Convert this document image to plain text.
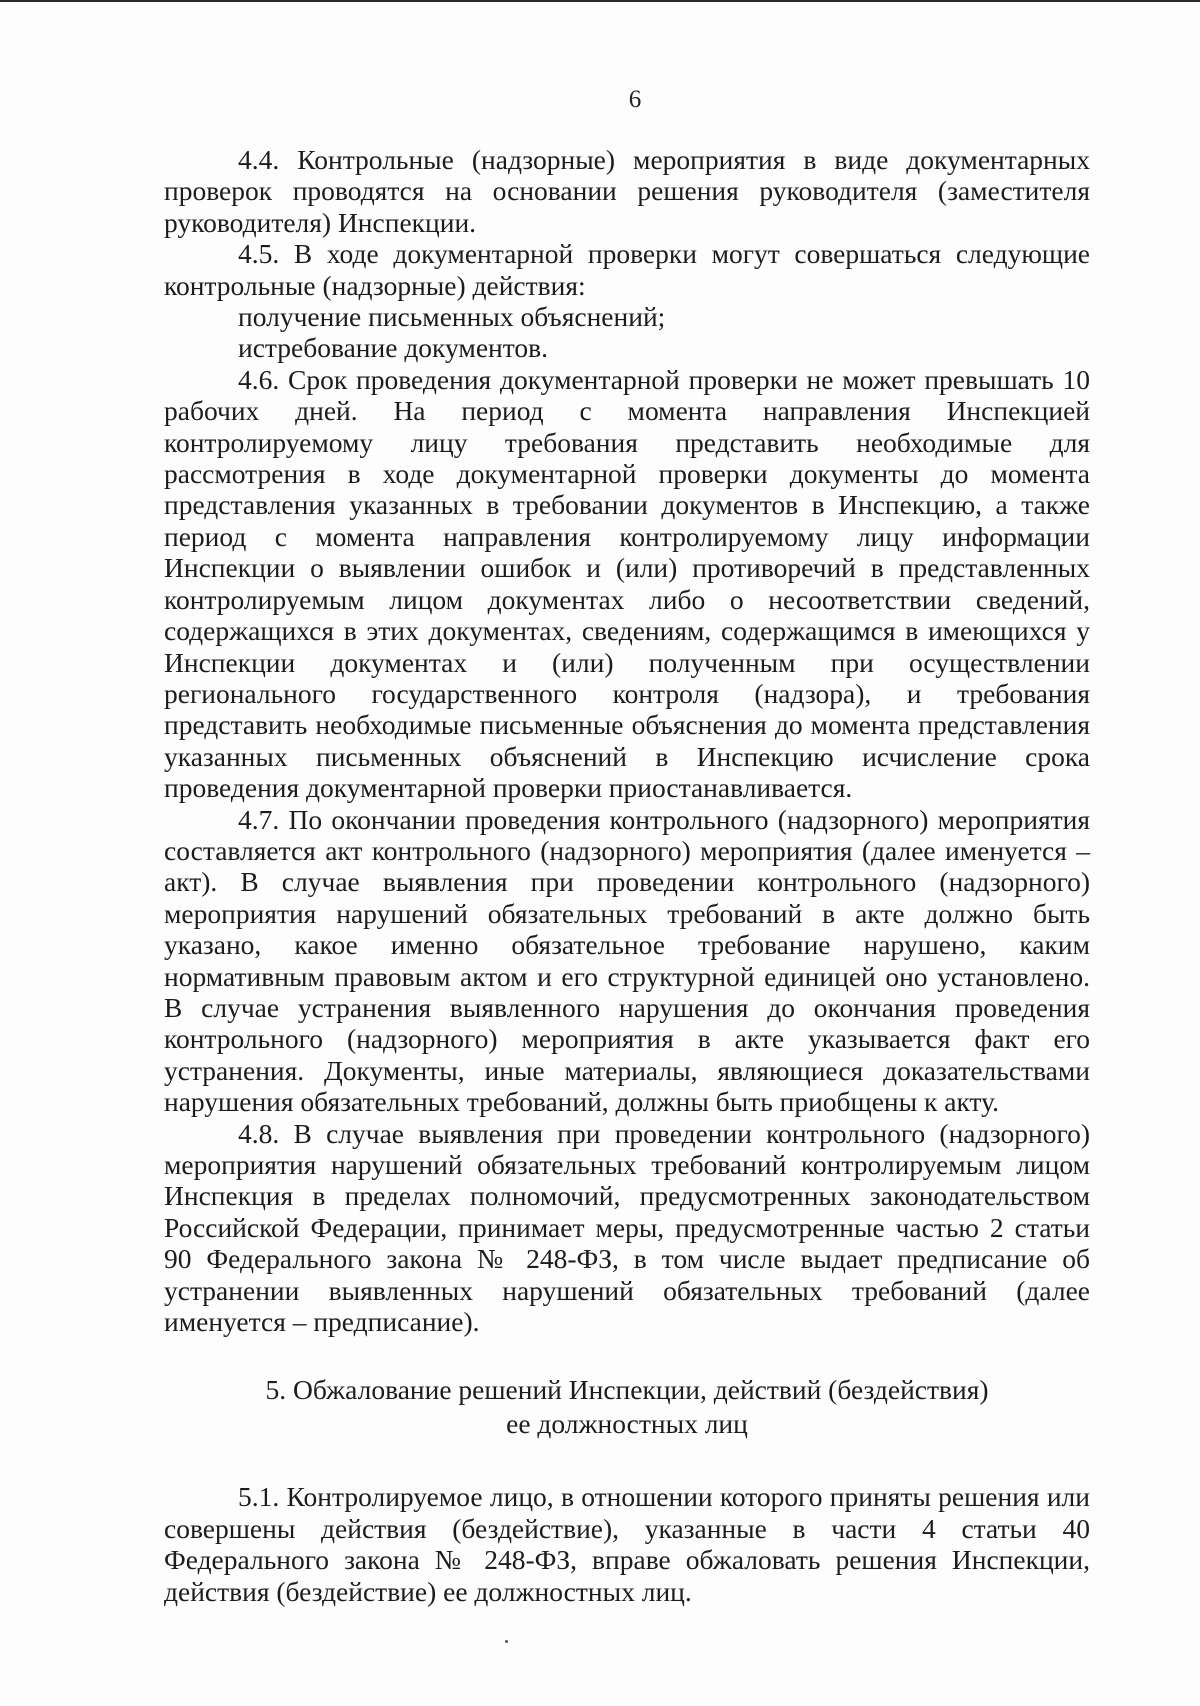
6

4.4. Контрольные (надзорные) мероприятия в виде документарных проверок проводятся на основании решения руководителя (заместителя руководителя) Инспекции.

4.5. В ходе документарной проверки могут совершаться следующие контрольные (надзорные) действия:

получение письменных объяснений;

истребование документов.

4.6. Срок проведения документарной проверки не может превышать 10 рабочих дней. На период с момента направления Инспекцией контролируемому лицу требования представить необходимые для рассмотрения в ходе документарной проверки документы до момента представления указанных в требовании документов в Инспекцию, а также период с момента направления контролируемому лицу информации Инспекции о выявлении ошибок и (или) противоречий в представленных контролируемым лицом документах либо о несоответствии сведений, содержащихся в этих документах, сведениям, содержащимся в имеющихся у Инспекции документах и (или) полученным при осуществлении регионального государственного контроля (надзора), и требования представить необходимые письменные объяснения до момента представления указанных письменных объяснений в Инспекцию исчисление срока проведения документарной проверки приостанавливается.

4.7. По окончании проведения контрольного (надзорного) мероприятия составляется акт контрольного (надзорного) мероприятия (далее именуется – акт). В случае выявления при проведении контрольного (надзорного) мероприятия нарушений обязательных требований в акте должно быть указано, какое именно обязательное требование нарушено, каким нормативным правовым актом и его структурной единицей оно установлено. В случае устранения выявленного нарушения до окончания проведения контрольного (надзорного) мероприятия в акте указывается факт его устранения. Документы, иные материалы, являющиеся доказательствами нарушения обязательных требований, должны быть приобщены к акту.

4.8. В случае выявления при проведении контрольного (надзорного) мероприятия нарушений обязательных требований контролируемым лицом Инспекция в пределах полномочий, предусмотренных законодательством Российской Федерации, принимает меры, предусмотренные частью 2 статьи 90 Федерального закона № 248-ФЗ, в том числе выдает предписание об устранении выявленных нарушений обязательных требований (далее именуется – предписание).

5. Обжалование решений Инспекции, действий (бездействия)
ее должностных лиц

5.1. Контролируемое лицо, в отношении которого приняты решения или совершены действия (бездействие), указанные в части 4 статьи 40 Федерального закона № 248-ФЗ, вправе обжаловать решения Инспекции, действия (бездействие) ее должностных лиц.
